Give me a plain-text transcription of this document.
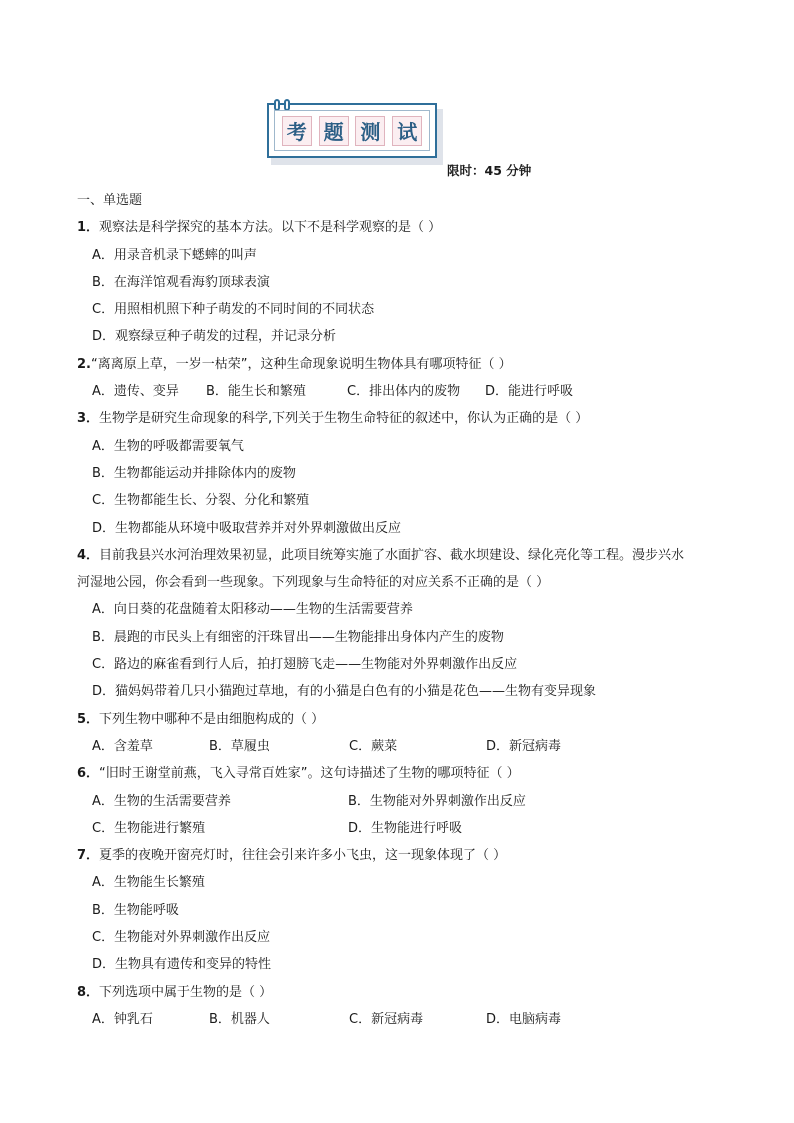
考 题 测 试
限时：45 分钟
一、单选题
1．观察法是科学探究的基本方法。以下不是科学观察的是（ ）
A．用录音机录下蟋蟀的叫声
B．在海洋馆观看海豹顶球表演
C．用照相机照下种子萌发的不同时间的不同状态
D．观察绿豆种子萌发的过程，并记录分析
2.“离离原上草，一岁一枯荣”，这种生命现象说明生物体具有哪项特征（ ）
A．遗传、变异 B．能生长和繁殖	C．排出体内的废物 D．能进行呼吸
3．生物学是研究生命现象的科学,下列关于生物生命特征的叙述中，你认为正确的是（ ）
A．生物的呼吸都需要氧气
B．生物都能运动并排除体内的废物
C．生物都能生长、分裂、分化和繁殖
D．生物都能从环境中吸取营养并对外界刺激做出反应
4．目前我县兴水河治理效果初显，此项目统筹实施了水面扩容、截水坝建设、绿化亮化等工程。漫步兴水
河湿地公园，你会看到一些现象。下列现象与生命特征的对应关系不正确的是（ ）
A．向日葵的花盘随着太阳移动——生物的生活需要营养
B．晨跑的市民头上有细密的汗珠冒出——生物能排出身体内产生的废物
C．路边的麻雀看到行人后，拍打翅膀飞走——生物能对外界刺激作出反应
D．猫妈妈带着几只小猫跑过草地，有的小猫是白色有的小猫是花色——生物有变异现象
5．下列生物中哪种不是由细胞构成的（ ）
A．含羞草	B．草履虫	C．蕨菜	D．新冠病毒
6．“旧时王谢堂前燕，飞入寻常百姓家”。这句诗描述了生物的哪项特征（ ）
A．生物的生活需要营养	B．生物能对外界刺激作出反应
C．生物能进行繁殖	D．生物能进行呼吸
7．夏季的夜晚开窗亮灯时，往往会引来许多小飞虫，这一现象体现了（ ）
A．生物能生长繁殖
B．生物能呼吸
C．生物能对外界刺激作出反应
D．生物具有遗传和变异的特性
8．下列选项中属于生物的是（ ）
A．钟乳石	B．机器人	C．新冠病毒	D．电脑病毒
